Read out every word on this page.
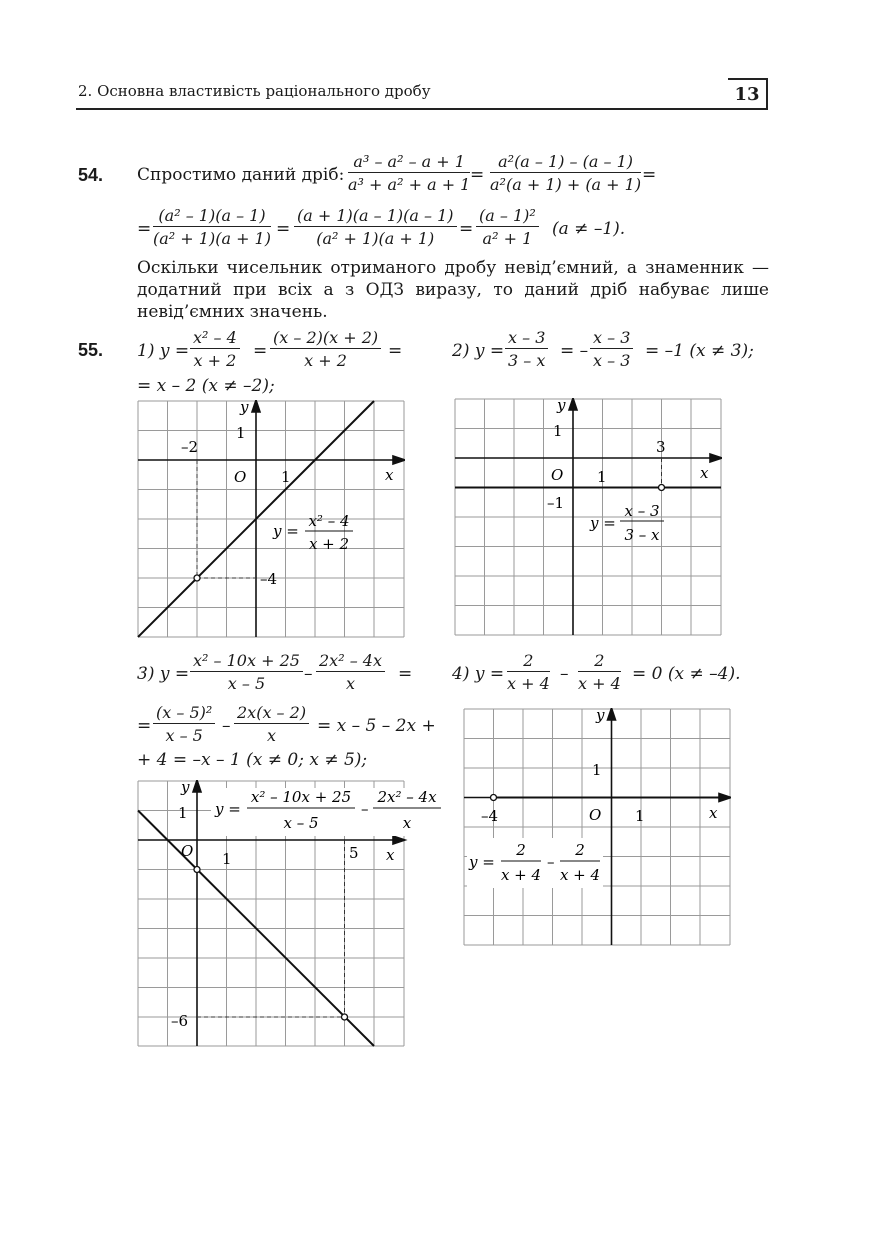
2. Основна властивість раціонального дробу	13
54. Спростимо даний дріб: $\frac{\text{a³ – a² – a + 1}}{\text{a³ + a² + a + 1}} = \frac{\text{a²(a – 1) – (a – 1)}}{\text{a²(a + 1) + (a + 1)}}$ =
= $\frac{\text{(a² – 1)(a – 1)}}{\text{(a² + 1)(a + 1)}} = \frac{(a + 1)(a - 1)(a - 1)}{\text{(a² + 1)(a + 1)}} = \frac{\text{(a – 1)²}}{\text{a² + 1}} (a \ne -1)$.
Оскільки чисельник отриманого дробу невід’ємний, а знаменник — додатний при всіх a з ОДЗ виразу, то даний дріб набуває лише невід’ємних значень.
55. 1) $y = \frac{\text{x² – 4}}{x + 2} = \frac{(x - 2)(x + 2)}{x + 2}$ =
= x – 2 (x ≠ –2);
2) $y = \frac{x - 3}{3 - x}$ = – $\frac{x - 3}{x - 3} = -1$ (x ≠ 3);
x
y
O 1
1
–2
–4
y =
x² – 4
x + 2
x
y
O 1
1
3
–1
y =
x – 3
3 – x
3) $y = \frac{\text{x² – 10x + 25}}{x - 5} - \frac{\text{2x² – 4x}}{x}$ =
= $\frac{\text{(x – 5)²}}{x - 5} - \frac{2x(x - 2)}{x} = x - 5 - 2x$ +
+ 4 = –x – 1 (x ≠ 0; x ≠ 5);
4) $y = \frac{2}{x + 4} - \frac{2}{x + 4} = 0$ (x ≠ –4).
x
y
O 1
1
5
–6
y =
x² – 10x + 25
x – 5
–
2x² – 4x
x
x
y
O 1
1
–4
y =
2
x + 4
–
2
x + 4
